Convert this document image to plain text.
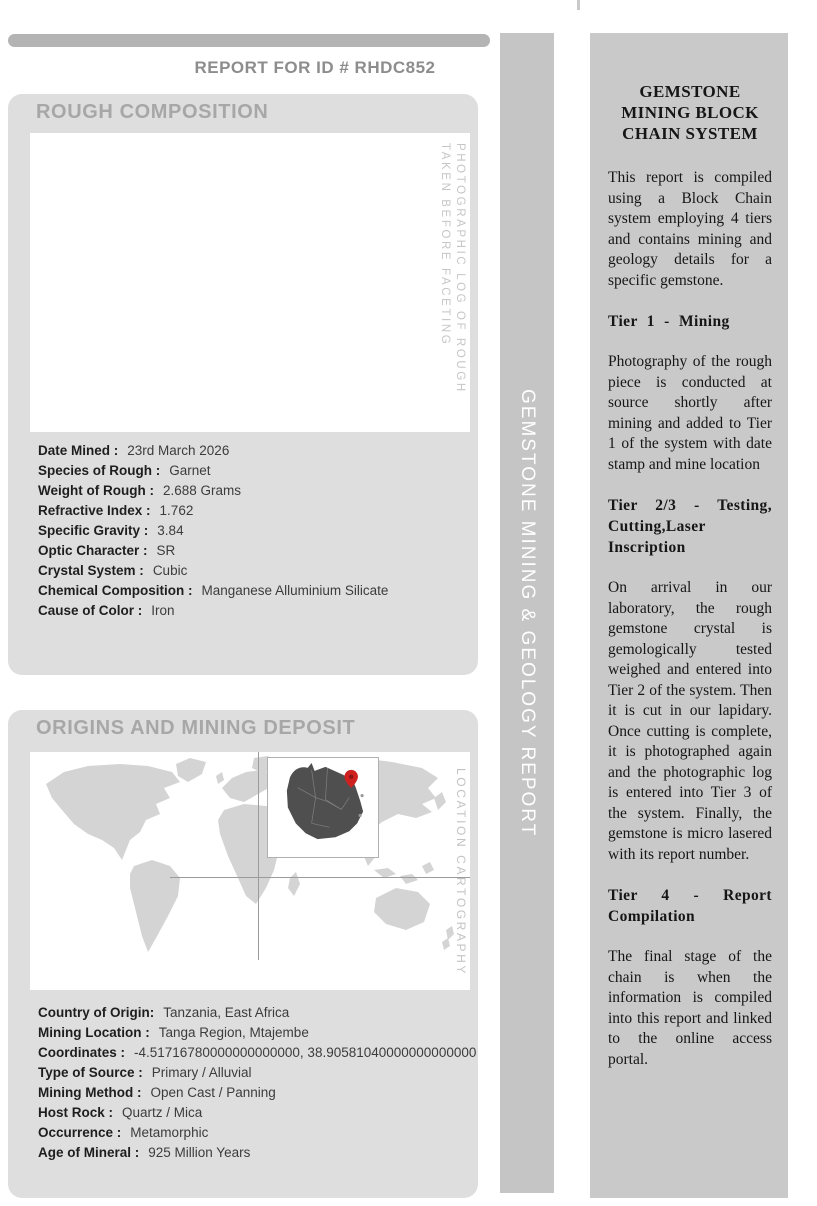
REPORT FOR ID # RHDC852
ROUGH COMPOSITION
PHOTOGRAPHIC LOG OF ROUGH
TAKEN BEFORE FACETING
Date Mined : 23rd March 2026
Species of Rough : Garnet
Weight of Rough : 2.688 Grams
Refractive Index : 1.762
Specific Gravity : 3.84
Optic Character : SR
Crystal System : Cubic
Chemical Composition : Manganese Alluminium Silicate
Cause of Color : Iron
ORIGINS AND MINING DEPOSIT
LOCATION CARTOGRAPHY
Country of Origin: Tanzania, East Africa
Mining Location : Tanga Region, Mtajembe
Coordinates : -4.51716780000000000000, 38.90581040000000000000
Type of Source : Primary / Alluvial
Mining Method : Open Cast / Panning
Host Rock : Quartz / Mica
Occurrence : Metamorphic
Age of Mineral : 925 Million Years
GEMSTONE MINING & GEOLOGY REPORT
GEMSTONE MINING BLOCK CHAIN SYSTEM

This report is compiled using a Block Chain system employing 4 tiers and contains mining and geology details for a specific gemstone.

Tier 1 - Mining

Photography of the rough piece is conducted at source shortly after mining and added to Tier 1 of the system with date stamp and mine location

Tier 2/3 - Testing, Cutting,Laser Inscription

On arrival in our laboratory, the rough gemstone crystal is gemologically tested weighed and entered into Tier 2 of the system. Then it is cut in our lapidary. Once cutting is complete, it is photographed again and the photographic log is entered into Tier 3 of the system. Finally, the gemstone is micro lasered with its report number.

Tier 4 - Report Compilation

The final stage of the chain is when the information is compiled into this report and linked to the online access portal.
